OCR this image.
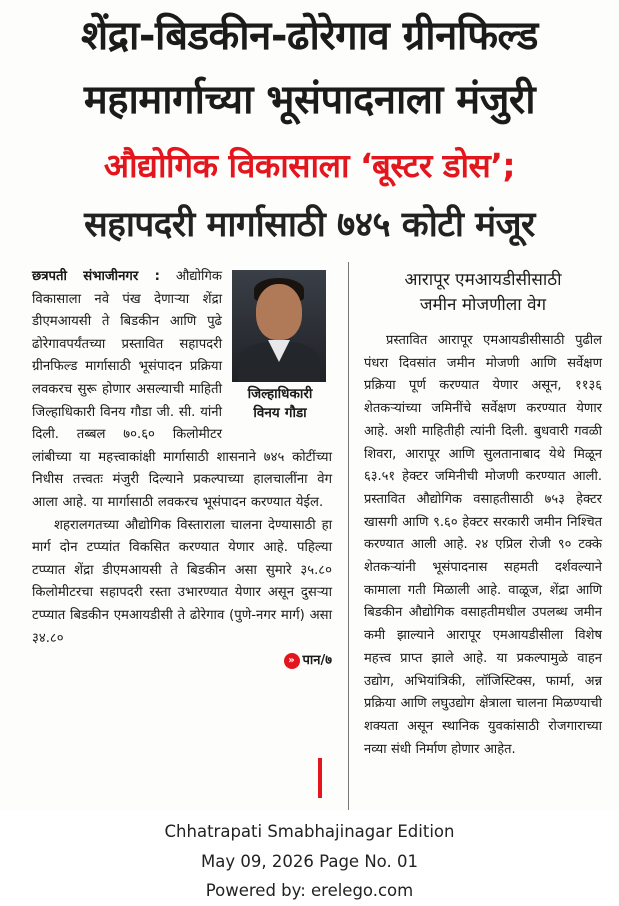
शेंद्रा-बिडकीन-ढोरेगाव ग्रीनफिल्ड
महामार्गाच्या भूसंपादनाला मंजुरी
औद्योगिक विकासाला ‘बूस्टर डोस’;
सहापदरी मार्गासाठी ७४५ कोटी मंजूर

छत्रपती संभाजीनगर :
जिल्हाधिकारी
विनय गौडा
औद्योगिक विकासाला नवे पंख देणाऱ्या शेंद्रा डीएमआयसी ते बिडकीन आणि पुढे ढोरेगावपर्यंतच्या प्रस्तावित सहापदरी ग्रीनफिल्ड मार्गासाठी भूसंपादन प्रक्रिया लवकरच सुरू होणार असल्याची माहिती जिल्हाधिकारी विनय गौडा जी. सी. यांनी दिली. तब्बल ७०.६० किलोमीटर लांबीच्या या महत्त्वाकांक्षी मार्गासाठी शासनाने ७४५ कोटींच्या निधीस तत्त्वतः मंजुरी दिल्याने प्रकल्पाच्या हालचालींना वेग आला आहे. या मार्गासाठी लवकरच भूसंपादन करण्यात येईल.

शहरालगतच्या औद्योगिक विस्ताराला चालना देण्यासाठी हा मार्ग दोन टप्प्यांत विकसित करण्यात येणार आहे. पहिल्या टप्प्यात शेंद्रा डीएमआयसी ते बिडकीन असा सुमारे ३५.८० किलोमीटरचा सहापदरी रस्ता उभारण्यात येणार असून दुसऱ्या टप्प्यात बिडकीन एमआयडीसी ते ढोरेगाव (पुणे-नगर मार्ग) असा ३४.८०

» पान/७
आरापूर एमआयडीसीसाठी
जमीन मोजणीला वेग

प्रस्तावित आरापूर एमआयडीसीसाठी पुढील पंधरा दिवसांत जमीन मोजणी आणि सर्वेक्षण प्रक्रिया पूर्ण करण्यात येणार असून, ११३६ शेतकऱ्यांच्या जमिनींचे सर्वेक्षण करण्यात येणार आहे. अशी माहितीही त्यांनी दिली. बुधवारी गवळी शिवरा, आरापूर आणि सुलतानाबाद येथे मिळून ६३.५१ हेक्टर जमिनीची मोजणी करण्यात आली. प्रस्तावित औद्योगिक वसाहतीसाठी ७५३ हेक्टर खासगी आणि ९.६० हेक्टर सरकारी जमीन निश्चित करण्यात आली आहे. २४ एप्रिल रोजी ९० टक्के शेतकऱ्यांनी भूसंपादनास सहमती दर्शवल्याने कामाला गती मिळाली आहे. वाळूज, शेंद्रा आणि बिडकीन औद्योगिक वसाहतीमधील उपलब्ध जमीन कमी झाल्याने आरापूर एमआयडीसीला विशेष महत्त्व प्राप्त झाले आहे. या प्रकल्पामुळे वाहन उद्योग, अभियांत्रिकी, लॉजिस्टिक्स, फार्मा, अन्न प्रक्रिया आणि लघुउद्योग क्षेत्राला चालना मिळण्याची शक्यता असून स्थानिक युवकांसाठी रोजगाराच्या नव्या संधी निर्माण होणार आहेत.

Chhatrapati Smabhajinagar Edition
May 09, 2026 Page No. 01
Powered by: erelego.com
